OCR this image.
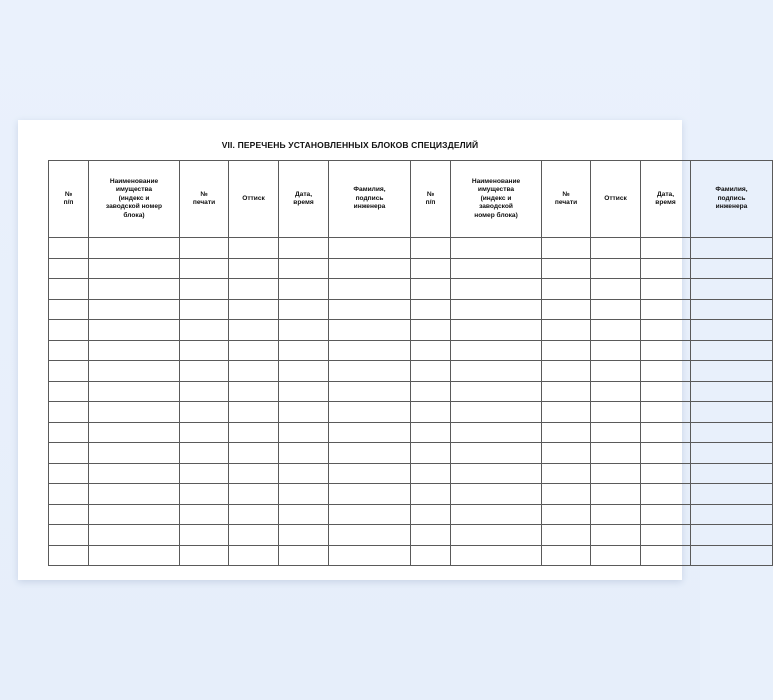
VII. ПЕРЕЧЕНЬ УСТАНОВЛЕННЫХ БЛОКОВ СПЕЦИЗДЕЛИЙ
№
п/п	Наименование
имущества
(индекс и
заводской номер
блока)	№
печати	Оттиск	Дата,
время	Фамилия,
подпись
инженера	№
п/п	Наименование
имущества
(индекс и
заводской
номер блока)	№
печати	Оттиск	Дата,
время	Фамилия,
подпись
инженера
